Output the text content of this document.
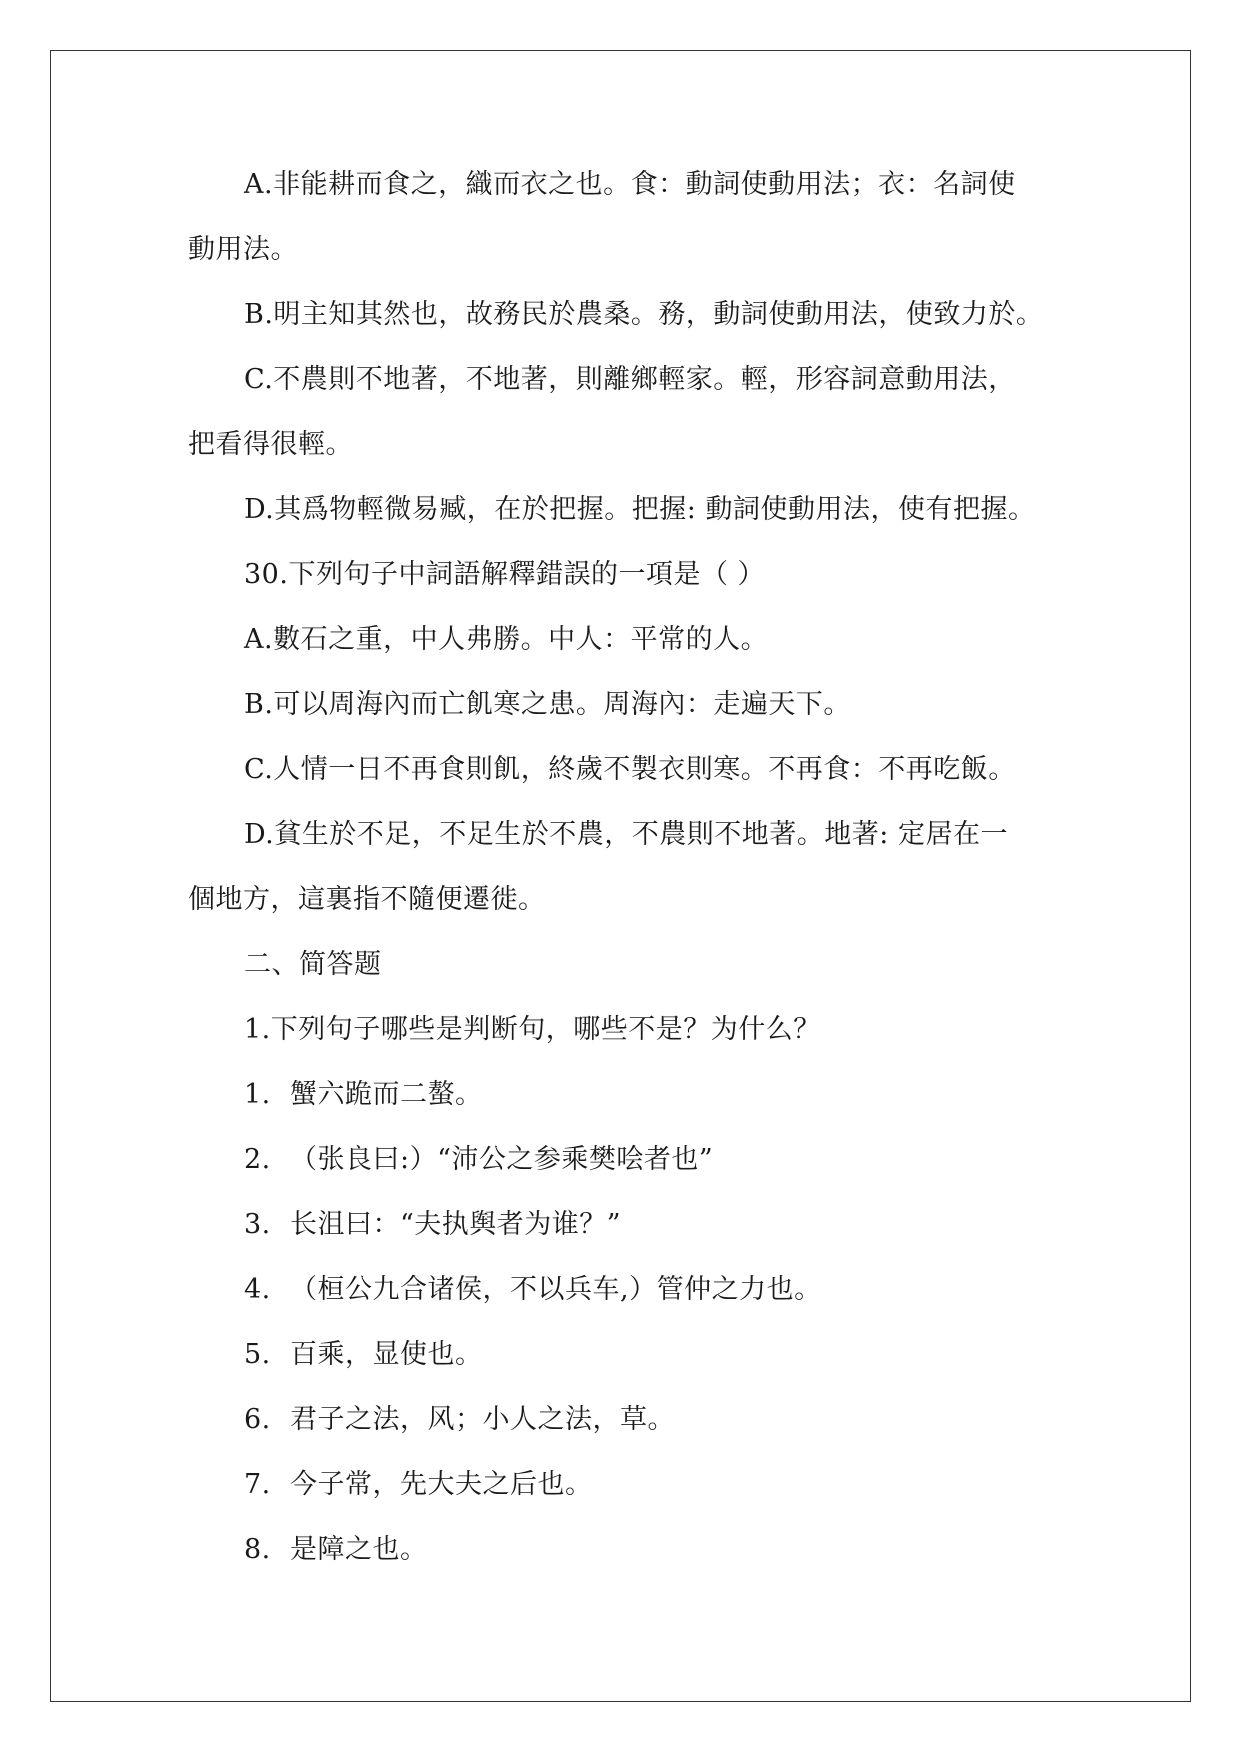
A.非能耕而食之，織而衣之也。食：動詞使動用法；衣：名詞使

動用法。

B.明主知其然也，故務民於農桑。務，動詞使動用法，使致力於。

C.不農則不地著，不地著，則離鄉輕家。輕，形容詞意動用法，

把看得很輕。

D.其爲物輕微易臧，在於把握。把握: 動詞使動用法，使有把握。

30.下列句子中詞語解釋錯誤的一項是（ ）

A.數石之重，中人弗勝。中人：平常的人。

B.可以周海內而亡飢寒之患。周海內：走遍天下。

C.人情一日不再食則飢，終歲不製衣則寒。不再食：不再吃飯。

D.貧生於不足，不足生於不農，不農則不地著。地著: 定居在一

個地方，這裏指不隨便遷徙。

二、简答题

1.下列句子哪些是判断句，哪些不是？为什么？

1. 蟹六跪而二螯。

2. （张良曰:）“沛公之参乘樊哙者也”

3. 长沮曰：“夫执舆者为谁？”

4. （桓公九合诸侯，不以兵车,）管仲之力也。

5. 百乘，显使也。

6. 君子之法，风；小人之法，草。

7. 今子常，先大夫之后也。

8. 是障之也。
